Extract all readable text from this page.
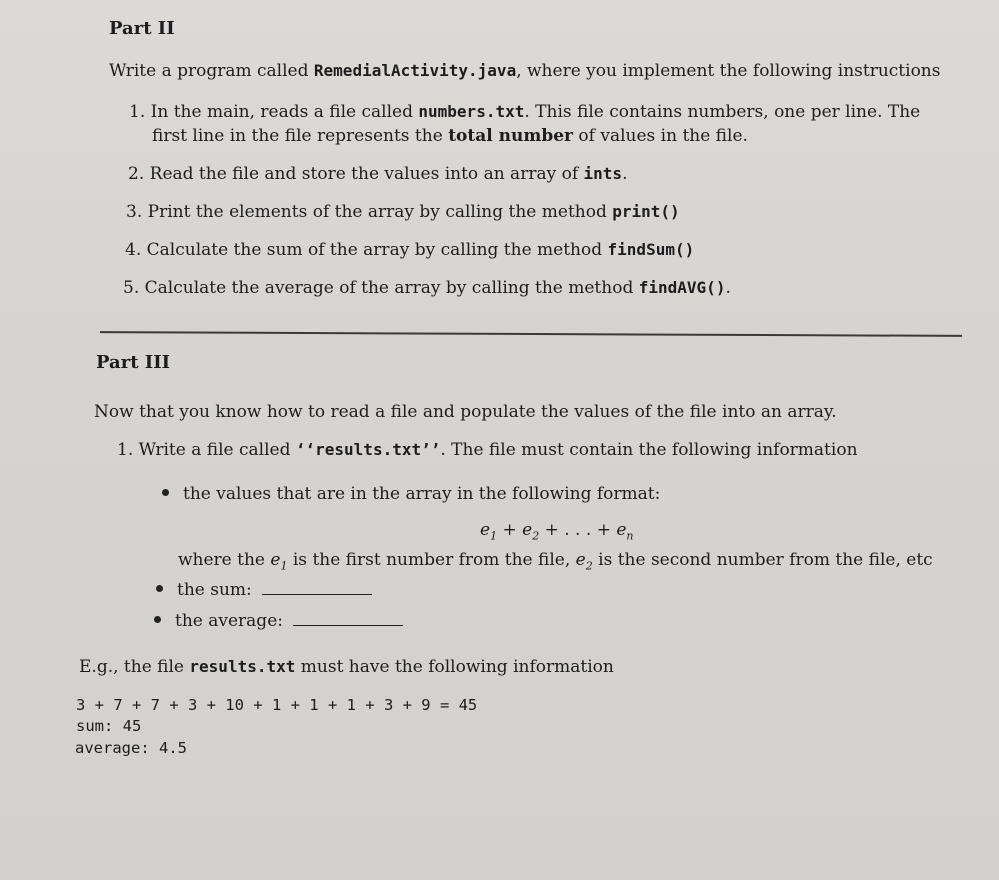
Part II
Write a program called RemedialActivity.java, where you implement the following instructions
1. In the main, reads a file called numbers.txt. This file contains numbers, one per line. The
first line in the file represents the total number of values in the file.
2. Read the file and store the values into an array of ints.
3. Print the elements of the array by calling the method print()
4. Calculate the sum of the array by calling the method findSum()
5. Calculate the average of the array by calling the method findAVG().
Part III
Now that you know how to read a file and populate the values of the file into an array.
1. Write a file called ‘‘results.txt’’. The file must contain the following information
the values that are in the array in the following format:
$e_1 + e_2$ + . . . + $e_n$
where the $e_1$ is the first number from the file, $e_2$ is the second number from the file, etc
the sum:
the average:
E.g., the file results.txt must have the following information
3 + 7 + 7 + 3 + 10 + 1 + 1 + 1 + 3 + 9 = 45
sum: 45
average: 4.5
